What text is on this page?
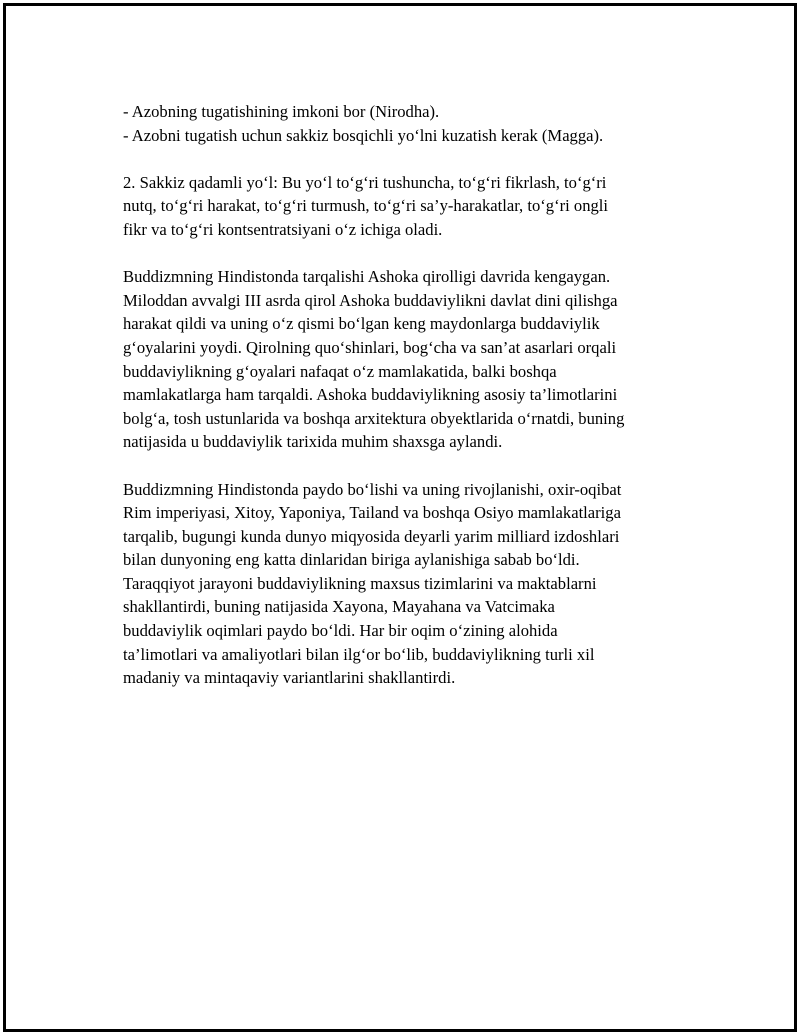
- Azobning tugatishining imkoni bor (Nirodha).
- Azobni tugatish uchun sakkiz bosqichli yo‘lni kuzatish kerak (Magga).

2. Sakkiz qadamli yo‘l: Bu yo‘l to‘g‘ri tushuncha, to‘g‘ri fikrlash, to‘g‘ri
nutq, to‘g‘ri harakat, to‘g‘ri turmush, to‘g‘ri sa’y-harakatlar, to‘g‘ri ongli
fikr va to‘g‘ri kontsentratsiyani o‘z ichiga oladi.

Buddizmning Hindistonda tarqalishi Ashoka qirolligi davrida kengaygan.
Miloddan avvalgi III asrda qirol Ashoka buddaviylikni davlat dini qilishga
harakat qildi va uning o‘z qismi bo‘lgan keng maydonlarga buddaviylik
g‘oyalarini yoydi. Qirolning quo‘shinlari, bog‘cha va san’at asarlari orqali
buddaviylikning g‘oyalari nafaqat o‘z mamlakatida, balki boshqa
mamlakatlarga ham tarqaldi. Ashoka buddaviylikning asosiy ta’limotlarini
bolg‘a, tosh ustunlarida va boshqa arxitektura obyektlarida o‘rnatdi, buning
natijasida u buddaviylik tarixida muhim shaxsga aylandi.

Buddizmning Hindistonda paydo bo‘lishi va uning rivojlanishi, oxir-oqibat
Rim imperiyasi, Xitoy, Yaponiya, Tailand va boshqa Osiyo mamlakatlariga
tarqalib, bugungi kunda dunyo miqyosida deyarli yarim milliard izdoshlari
bilan dunyoning eng katta dinlaridan biriga aylanishiga sabab bo‘ldi.
Taraqqiyot jarayoni buddaviylikning maxsus tizimlarini va maktablarni
shakllantirdi, buning natijasida Xayona, Mayahana va Vatcimaka
buddaviylik oqimlari paydo bo‘ldi. Har bir oqim o‘zining alohida
ta’limotlari va amaliyotlari bilan ilg‘or bo‘lib, buddaviylikning turli xil
madaniy va mintaqaviy variantlarini shakllantirdi.
